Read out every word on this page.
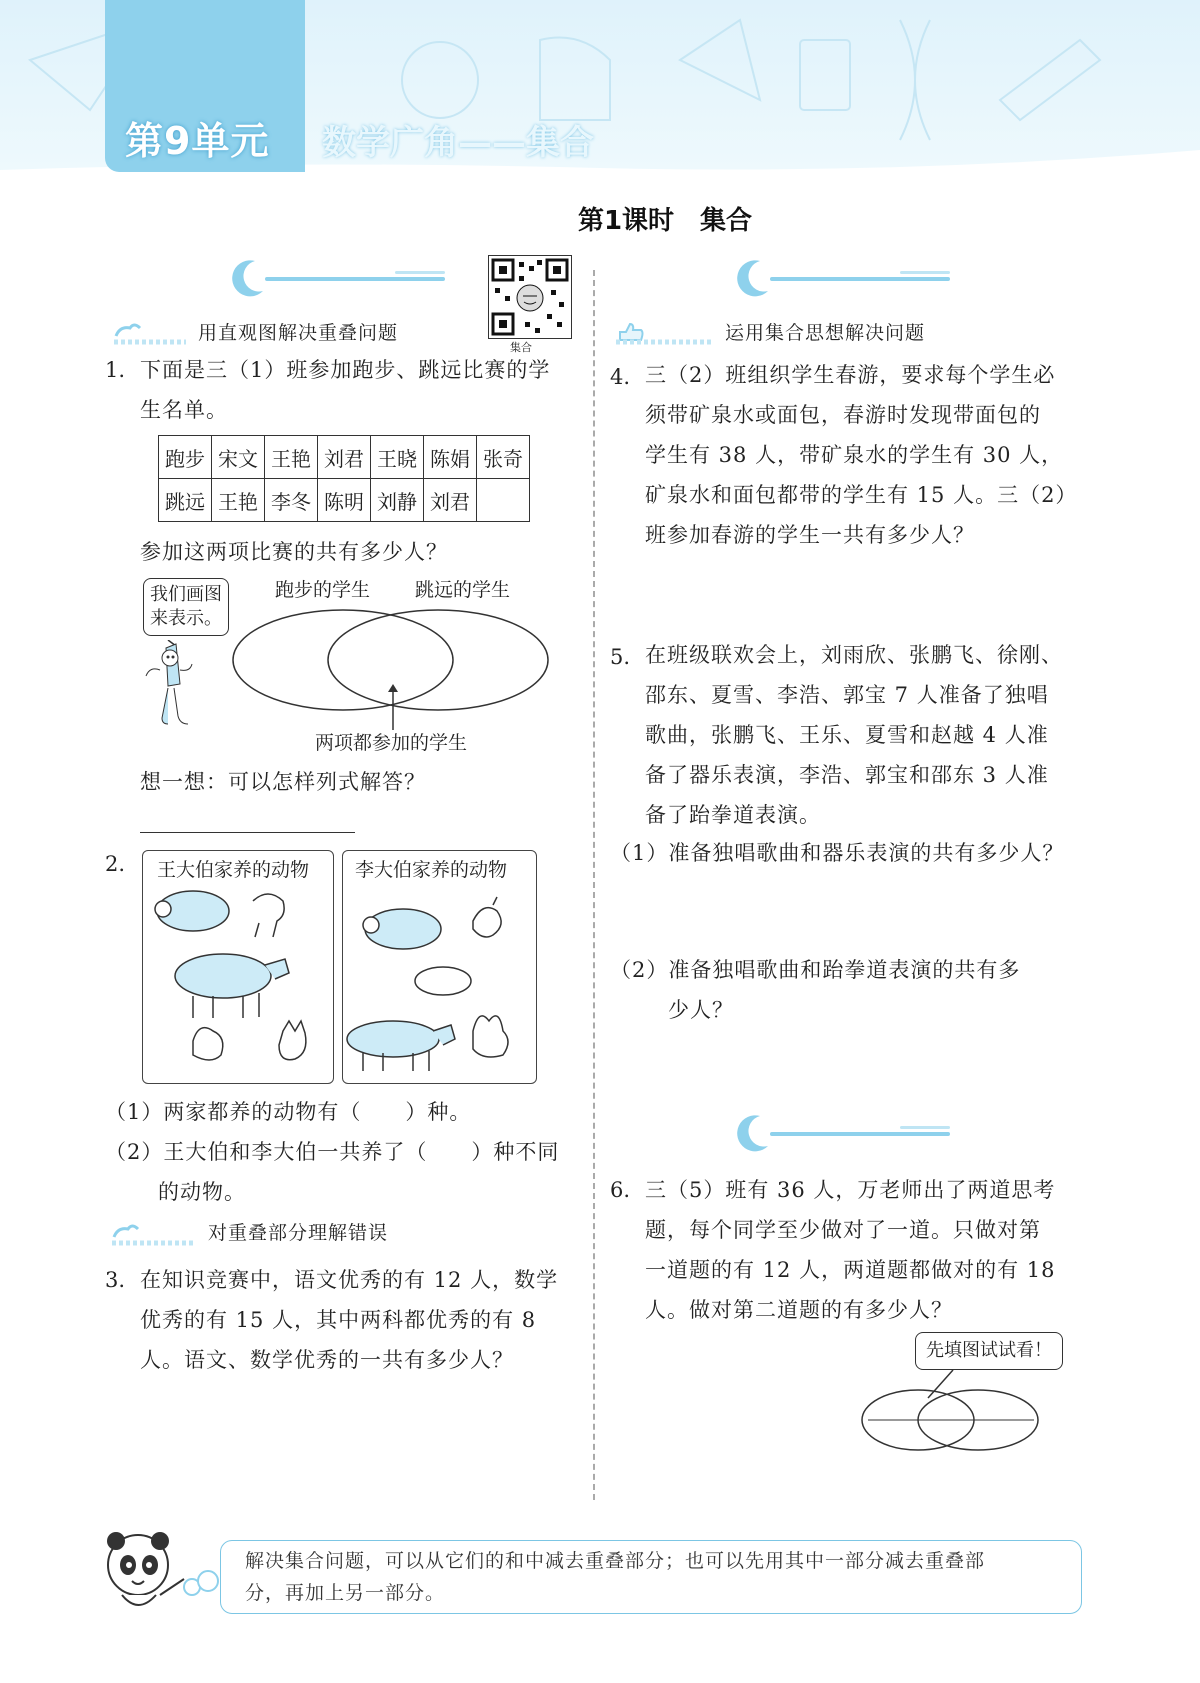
第9单元 数学广角——集合
第1课时　集合
集合
用直观图解决重叠问题
1. 下面是三（1）班参加跑步、跳远比赛的学
生名单。
跑步	宋文	王艳	刘君	王晓	陈娟	张奇
跳远	王艳	李冬	陈明	刘静	刘君	
参加这两项比赛的共有多少人？
我们画图
来表示。
跑步的学生 跳远的学生
两项都参加的学生
想一想：可以怎样列式解答？
2. 王大伯家养的动物 李大伯家养的动物
（1）两家都养的动物有（　　）种。
（2）王大伯和李大伯一共养了（　　）种不同
的动物。
对重叠部分理解错误
3. 在知识竞赛中，语文优秀的有 12 人，数学
优秀的有 15 人，其中两科都优秀的有 8
人。语文、数学优秀的一共有多少人？
运用集合思想解决问题
4. 三（2）班组织学生春游，要求每个学生必
须带矿泉水或面包，春游时发现带面包的
学生有 38 人，带矿泉水的学生有 30 人，
矿泉水和面包都带的学生有 15 人。三（2）
班参加春游的学生一共有多少人？
5. 在班级联欢会上，刘雨欣、张鹏飞、徐刚、
邵东、夏雪、李浩、郭宝 7 人准备了独唱
歌曲，张鹏飞、王乐、夏雪和赵越 4 人准
备了器乐表演，李浩、郭宝和邵东 3 人准
备了跆拳道表演。
（1）准备独唱歌曲和器乐表演的共有多少人？
（2）准备独唱歌曲和跆拳道表演的共有多
少人？
6. 三（5）班有 36 人，万老师出了两道思考
题，每个同学至少做对了一道。只做对第
一道题的有 12 人，两道题都做对的有 18
人。做对第二道题的有多少人？
先填图试试看！
解决集合问题，可以从它们的和中减去重叠部分；也可以先用其中一部分减去重叠部
分，再加上另一部分。
